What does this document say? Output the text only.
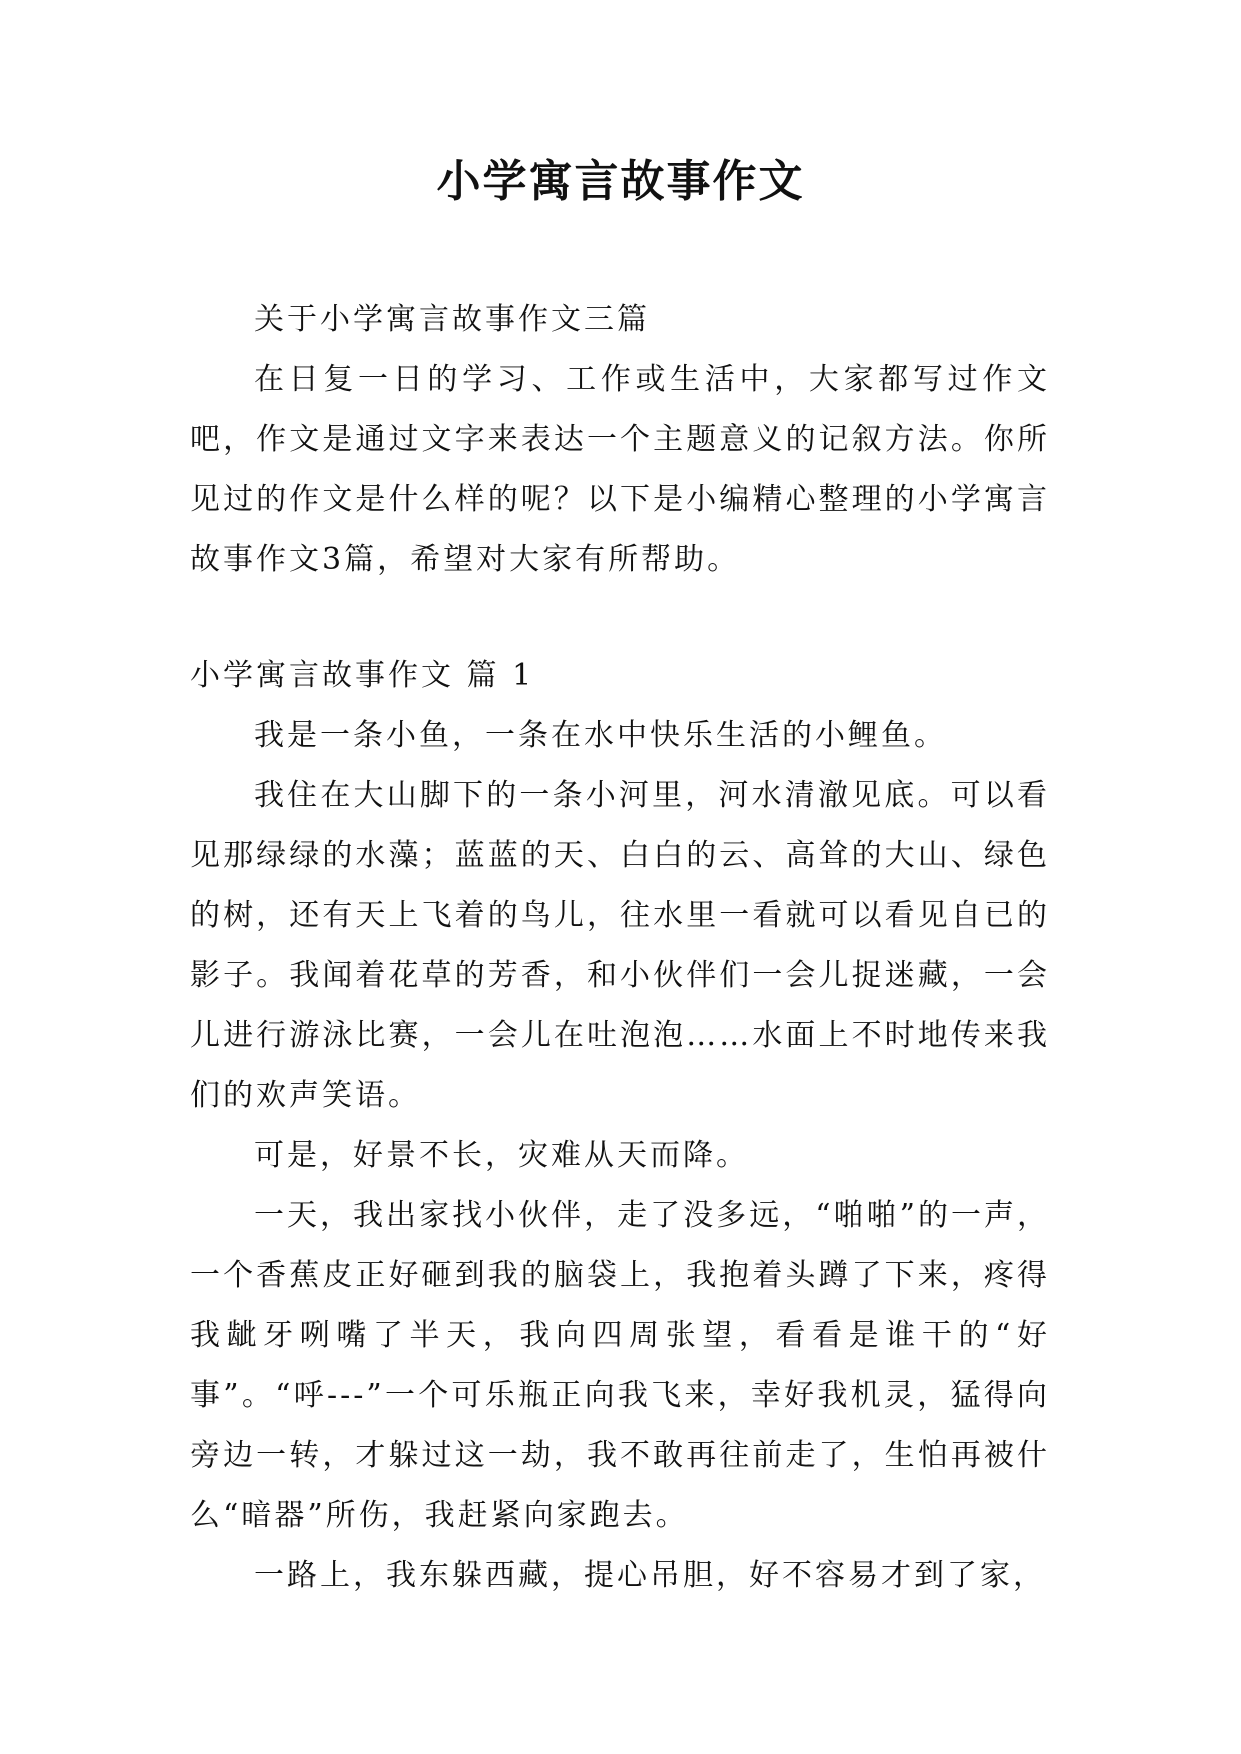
小学寓言故事作文

关于小学寓言故事作文三篇

在日复一日的学习、工作或生活中，大家都写过作文吧，作文是通过文字来表达一个主题意义的记叙方法。你所见过的作文是什么样的呢？以下是小编精心整理的小学寓言故事作文3篇，希望对大家有所帮助。

小学寓言故事作文 篇 1

我是一条小鱼，一条在水中快乐生活的小鲤鱼。

我住在大山脚下的一条小河里，河水清澈见底。可以看见那绿绿的水藻；蓝蓝的天、白白的云、高耸的大山、绿色的树，还有天上飞着的鸟儿，往水里一看就可以看见自已的影子。我闻着花草的芳香，和小伙伴们一会儿捉迷藏，一会儿进行游泳比赛，一会儿在吐泡泡……水面上不时地传来我们的欢声笑语。

可是，好景不长，灾难从天而降。

一天，我出家找小伙伴，走了没多远，“啪啪”的一声，一个香蕉皮正好砸到我的脑袋上，我抱着头蹲了下来，疼得我龇牙咧嘴了半天，我向四周张望，看看是谁干的“好事”。“呼---”一个可乐瓶正向我飞来，幸好我机灵，猛得向旁边一转，才躲过这一劫，我不敢再往前走了，生怕再被什么“暗器”所伤，我赶紧向家跑去。

一路上，我东躲西藏，提心吊胆，好不容易才到了家，
